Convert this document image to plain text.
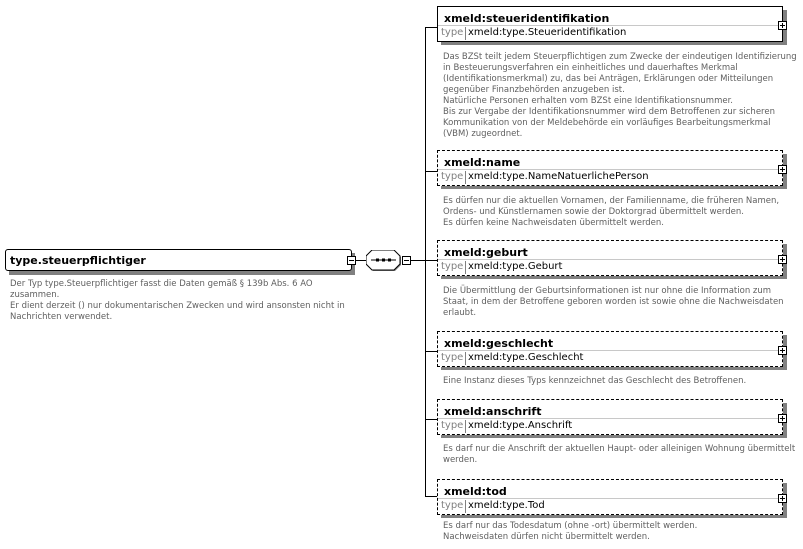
type.steuerpflichtiger
Der Typ type.Steuerpflichtiger fasst die Daten gemäß § 139b Abs. 6 AO
zusammen.
Er dient derzeit () nur dokumentarischen Zwecken und wird ansonsten nicht in
Nachrichten verwendet.
xmeld:steueridentifikation
type xmeld:type.Steueridentifikation
Das BZSt teilt jedem Steuerpflichtigen zum Zwecke der eindeutigen Identifizierung
in Besteuerungsverfahren ein einheitliches und dauerhaftes Merkmal
(Identifikationsmerkmal) zu, das bei Anträgen, Erklärungen oder Mitteilungen
gegenüber Finanzbehörden anzugeben ist.
Natürliche Personen erhalten vom BZSt eine Identifikationsnummer.
Bis zur Vergabe der Identifikationsnummer wird dem Betroffenen zur sicheren
Kommunikation von der Meldebehörde ein vorläufiges Bearbeitungsmerkmal
(VBM) zugeordnet.
xmeld:name
type xmeld:type.NameNatuerlichePerson
Es dürfen nur die aktuellen Vornamen, der Familienname, die früheren Namen,
Ordens- und Künstlernamen sowie der Doktorgrad übermittelt werden.
Es dürfen keine Nachweisdaten übermittelt werden.
xmeld:geburt
type xmeld:type.Geburt
Die Übermittlung der Geburtsinformationen ist nur ohne die Information zum
Staat, in dem der Betroffene geboren worden ist sowie ohne die Nachweisdaten
erlaubt.
xmeld:geschlecht
type xmeld:type.Geschlecht
Eine Instanz dieses Typs kennzeichnet das Geschlecht des Betroffenen.
xmeld:anschrift
type xmeld:type.Anschrift
Es darf nur die Anschrift der aktuellen Haupt- oder alleinigen Wohnung übermittelt
werden.
xmeld:tod
type xmeld:type.Tod
Es darf nur das Todesdatum (ohne -ort) übermittelt werden.
Nachweisdaten dürfen nicht übermittelt werden.
